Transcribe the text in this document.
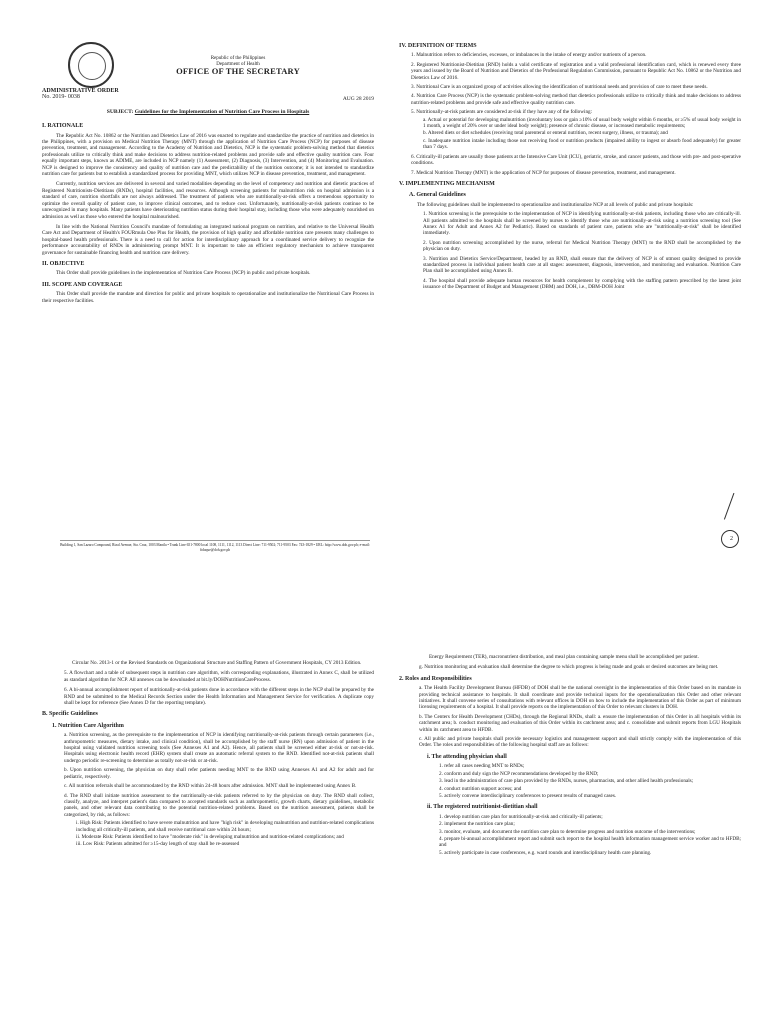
Republic of the Philippines
Department of Health
OFFICE OF THE SECRETARY
AUG 28 2019
ADMINISTRATIVE ORDER
No. 2019- 0038
SUBJECT: Guidelines for the Implementation of Nutrition Care Process in Hospitals
I. RATIONALE

The Republic Act No. 10862 or the Nutrition and Dietetics Law of 2016 was enacted to regulate and standardize the practice of nutrition and dietetics in the Philippines, with a provision on Medical Nutrition Therapy (MNT) through the application of Nutrition Care Process (NCP) for purposes of disease prevention, treatment, and management. According to the Academy of Nutrition and Dietetics, NCP is the systematic problem-solving method that dietetics professionals utilize to critically think and make decisions to address nutrition-related problems and provide safe and effective quality nutrition care. Four equally important steps, known as ADIME, are included in NCP namely (1) Assessment, (2) Diagnosis, (3) Intervention, and (4) Monitoring and Evaluation. NCP is designed to improve the consistency and quality of nutrition care and the predictability of the nutrition outcome; it is not intended to standardize nutrition care for patients but to establish a standardized process for providing MNT, which utilizes NCP in disease prevention, treatment, and management.

Currently, nutrition services are delivered in several and varied modalities depending on the level of competency and nutrition and dietetic practices of Registered Nutritionists-Dietitians (RNDs), hospital facilities, and resources. Although screening patients for malnutrition risk on hospital admission is a standard of care, nutrition shortfalls are not always addressed. The treatment of patients who are nutritionally-at-risk offers a tremendous opportunity to optimize the overall quality of patient care, to improve clinical outcomes, and to reduce cost. Unfortunately, nutritionally-at-risk patients continue to be unrecognized in many hospitals. Many patients have deteriorating nutrition status during their hospital stay, including those who were adequately nourished on admission as well as those who entered the hospital malnourished.

In line with the National Nutrition Council's mandate of formulating an integrated national program on nutrition, and relative to the Universal Health Care Act and Department of Health's FOURmula One Plus for Health, the provision of high quality and affordable nutrition care presents many challenges to hospital-based health professionals. There is a need to call for action for interdisciplinary approach for a coordinated service delivery to recognize the performance accountability of RNDs in administering prompt MNT. It is important to take an efficient regulatory mechanism to achieve transparent governance for sustainable financing health and nutrition care delivery.

II. OBJECTIVE

This Order shall provide guidelines in the implementation of Nutrition Care Process (NCP) in public and private hospitals.

III. SCOPE AND COVERAGE

This Order shall provide the mandate and direction for public and private hospitals to operationalize and institutionalize the Nutritional Care Process in their respective facilities.

Building 1, San Lazaro Compound, Rizal Avenue, Sta. Cruz, 1003 Manila • Trunk Line 651-7800 local 1108, 1111, 1112, 1113 Direct Line: 711-9502; 711-9503 Fax: 743-1829 • URL: http://www.doh.gov.ph; e-mail: ftduque@doh.gov.ph
IV. DEFINITION OF TERMS

1. Malnutrition refers to deficiencies, excesses, or imbalances in the intake of energy and/or nutrients of a person.

2. Registered Nutritionist-Dietitian (RND) holds a valid certificate of registration and a valid professional identification card, which is renewed every three years and issued by the Board of Nutrition and Dietetics of the Professional Regulation Commission, pursuant to Republic Act No. 10862 or the Nutrition and Dietetics Law of 2016.

3. Nutritional Care is an organized group of activities allowing the identification of nutritional needs and provision of care to meet these needs.

4. Nutrition Care Process (NCP) is the systematic problem-solving method that dietetics professionals utilize to critically think and make decisions to address nutrition-related problems and provide safe and effective quality nutrition care.

5. Nutritionally-at-risk patients are considered at-risk if they have any of the following:

a. Actual or potential for developing malnutrition (involuntary loss or gain ≥10% of usual body weight within 6 months, or ≥5% of usual body weight in 1 month, a weight of 20% over or under ideal body weight); presence of chronic disease, or increased metabolic requirements;

b. Altered diets or diet schedules (receiving total parenteral or enteral nutrition, recent surgery, illness, or trauma); and

c. Inadequate nutrition intake including those not receiving food or nutrition products (impaired ability to ingest or absorb food adequately) for greater than 7 days.

6. Critically-ill patients are usually those patients at the Intensive Care Unit (ICU), geriatric, stroke, and cancer patients, and those with pre- and post-operative conditions.

7. Medical Nutrition Therapy (MNT) is the application of NCP for purposes of disease prevention, treatment, and management.

V. IMPLEMENTING MECHANISM
A. General Guidelines

The following guidelines shall be implemented to operationalize and institutionalize NCP at all levels of public and private hospitals:

1. Nutrition screening is the prerequisite to the implementation of NCP in identifying nutritionally-at-risk patients, including those who are critically-ill. All patients admitted to the hospitals shall be screened by nurses to identify those who are nutritionally-at-risk using a nutrition screening tool (See Annex A1 for Adult and Annex A2 for Pediatric). Based on standards of patient care, patients who are "nutritionally-at-risk" shall be identified immediately.

2. Upon nutrition screening accomplished by the nurse, referral for Medical Nutrition Therapy (MNT) to the RND shall be accomplished by the physician on duty.

3. Nutrition and Dietetics Service/Department, headed by an RND, shall ensure that the delivery of NCP is of utmost quality designed to provide standardized process in individual patient health care at all stages: assessment, diagnosis, intervention, and monitoring and evaluation. Nutrition Care Plan shall be accomplished using Annex B.

4. The hospital shall provide adequate human resources for health complement by complying with the staffing pattern prescribed by the latest joint issuance of the Department of Budget and Management (DBM) and DOH, i.e., DBM-DOH Joint

2

Circular No. 2013-1 or the Revised Standards on Organizational Structure and Staffing Pattern of Government Hospitals, CY 2013 Edition.

5. A flowchart and a table of subsequent steps in nutrition care algorithm, with corresponding explanations, illustrated in Annex C, shall be utilized as standard algorithm for NCP. All annexes can be downloaded at bit.ly/DOHNutritionCareProcess.

6. A bi-annual accomplishment report of nutritionally-at-risk patients done in accordance with the different steps in the NCP shall be prepared by the RND and be submitted to the Medical Records Section under the Health Information and Management Service for verification. A duplicate copy shall be kept for reference (See Annex D for the reporting template).

B. Specific Guidelines
1. Nutrition Care Algorithm

a. Nutrition screening, as the prerequisite to the implementation of NCP in identifying nutritionally-at-risk patients through certain parameters (i.e., anthropometric measures, dietary intake, and clinical condition), shall be accomplished by the staff nurse (RN) upon admission of patient in the hospital using validated nutrition screening tools (See Annexes A1 and A2). Hence, all patients shall be screened either at-risk or not-at-risk. Hospitals using electronic health record (EHR) system shall create an automatic referral system to the RND. Identified not-at-risk patients shall undergo periodic re-screening to determine as totally not-at-risk or at-risk.

b. Upon nutrition screening, the physician on duty shall refer patients needing MNT to the RND using Annexes A1 and A2 for adult and for pediatric, respectively.

c. All nutrition referrals shall be accommodated by the RND within 24-48 hours after admission. MNT shall be implemented using Annex B.

d. The RND shall initiate nutrition assessment to the nutritionally-at-risk patients referred to by the physician on duty. The RND shall collect, classify, analyze, and interpret patient's data compared to accepted standards such as anthropometric, growth charts, dietary guidelines, metabolic panels, and other relevant data contributing to the potential nutrition-related problems. Based on the nutrition assessment, patients shall be categorized, by risk, as follows:

i. High Risk: Patients identified to have severe malnutrition and have "high risk" in developing malnutrition and nutrition-related complications including all critically-ill patients, and shall receive nutritional care within 24 hours;

ii. Moderate Risk: Patients identified to have "moderate risk" in developing malnutrition and nutrition-related complications; and

iii. Low Risk: Patients admitted for ≥15-day length of stay shall be re-assessed

Energy Requirement (TER), macronutrient distribution, and meal plan containing sample menu shall be accomplished per patient.

g. Nutrition monitoring and evaluation shall determine the degree to which progress is being made and goals or desired outcomes are being met.

2. Roles and Responsibilities

a. The Health Facility Development Bureau (HFDB) of DOH shall be the national oversight in the implementation of this Order based on its mandate in providing technical assistance to hospitals. It shall coordinate and provide technical inputs for the operationalization this Order and other relevant initiatives. It shall convene series of consultations with relevant offices in DOH on how to include the implementation of this Order as part of minimum licensing requirements of a hospital. It shall provide reports on the implementation of this Order to relevant clusters in DOH.

b. The Centers for Health Development (CHDs), through the Regional RNDs, shall: a. ensure the implementation of this Order in all hospitals within its catchment area; b. conduct monitoring and evaluation of this Order within its catchment area; and c. consolidate and submit reports from LGU Hospitals within its catchment area to HFDB.

c. All public and private hospitals shall provide necessary logistics and management support and shall strictly comply with the implementation of this Order. The roles and responsibilities of the following hospital staff are as follows:

i. The attending physician shall

1. refer all cases needing MNT to RNDs;

2. conform and duly sign the NCP recommendations developed by the RND;

3. lead in the administration of care plan provided by the RNDs, nurses, pharmacists, and other allied health professionals;

4. conduct nutrition support access; and

5. actively convene interdisciplinary conferences to present results of managed cases.

ii. The registered nutritionist-dietitian shall

1. develop nutrition care plan for nutritionally-at-risk and critically-ill patients;

2. implement the nutrition care plan;

3. monitor, evaluate, and document the nutrition care plan to determine progress and nutrition outcome of the interventions;

4. prepare bi-annual accomplishment report and submit such report to the hospital health information management service worker and to HFDB; and

5. actively participate in case conferences, e.g. ward rounds and interdisciplinary health care planning.
